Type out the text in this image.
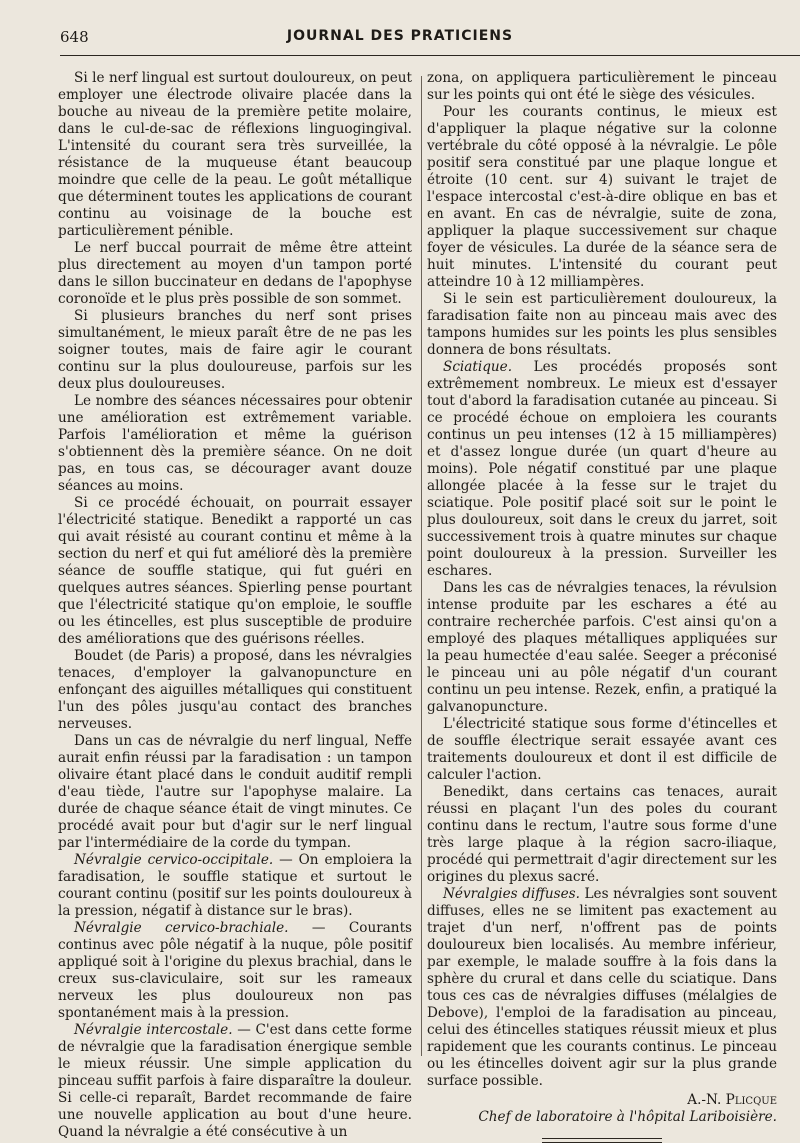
648	JOURNAL DES PRATICIENS

Si le nerf lingual est surtout douloureux, on peut employer une électrode olivaire placée dans la bouche au niveau de la première petite molaire, dans le cul-de-sac de réflexions linguogingival. L'intensité du courant sera très surveillée, la résistance de la muqueuse étant beaucoup moindre que celle de la peau. Le goût métallique que déterminent toutes les applications de courant continu au voisinage de la bouche est particulièrement pénible.

Le nerf buccal pourrait de même être atteint plus directement au moyen d'un tampon porté dans le sillon buccinateur en dedans de l'apophyse coronoïde et le plus près possible de son sommet.

Si plusieurs branches du nerf sont prises simultanément, le mieux paraît être de ne pas les soigner toutes, mais de faire agir le courant continu sur la plus douloureuse, parfois sur les deux plus douloureuses.

Le nombre des séances nécessaires pour obtenir une amélioration est extrêmement variable. Parfois l'amélioration et même la guérison s'obtiennent dès la première séance. On ne doit pas, en tous cas, se décourager avant douze séances au moins.

Si ce procédé échouait, on pourrait essayer l'électricité statique. Benedikt a rapporté un cas qui avait résisté au courant continu et même à la section du nerf et qui fut amélioré dès la première séance de souffle statique, qui fut guéri en quelques autres séances. Spierling pense pourtant que l'électricité statique qu'on emploie, le souffle ou les étincelles, est plus susceptible de produire des améliorations que des guérisons réelles.

Boudet (de Paris) a proposé, dans les névralgies tenaces, d'employer la galvanopuncture en enfonçant des aiguilles métalliques qui constituent l'un des pôles jusqu'au contact des branches nerveuses.

Dans un cas de névralgie du nerf lingual, Neffe aurait enfin réussi par la faradisation : un tampon olivaire étant placé dans le conduit auditif rempli d'eau tiède, l'autre sur l'apophyse malaire. La durée de chaque séance était de vingt minutes. Ce procédé avait pour but d'agir sur le nerf lingual par l'intermédiaire de la corde du tympan.

Névralgie cervico-occipitale. — On emploiera la faradisation, le souffle statique et surtout le courant continu (positif sur les points douloureux à la pression, négatif à distance sur le bras).

Névralgie cervico-brachiale. — Courants continus avec pôle négatif à la nuque, pôle positif appliqué soit à l'origine du plexus brachial, dans le creux sus-claviculaire, soit sur les rameaux nerveux les plus douloureux non pas spontanément mais à la pression.

Névralgie intercostale. — C'est dans cette forme de névralgie que la faradisation énergique semble le mieux réussir. Une simple application du pinceau suffit parfois à faire disparaître la douleur. Si celle-ci reparaît, Bardet recommande de faire une nouvelle application au bout d'une heure. Quand la névralgie a été consécutive à un

zona, on appliquera particulièrement le pinceau sur les points qui ont été le siège des vésicules.

Pour les courants continus, le mieux est d'appliquer la plaque négative sur la colonne vertébrale du côté opposé à la névralgie. Le pôle positif sera constitué par une plaque longue et étroite (10 cent. sur 4) suivant le trajet de l'espace intercostal c'est-à-dire oblique en bas et en avant. En cas de névralgie, suite de zona, appliquer la plaque successivement sur chaque foyer de vésicules. La durée de la séance sera de huit minutes. L'intensité du courant peut atteindre 10 à 12 milliampères.

Si le sein est particulièrement douloureux, la faradisation faite non au pinceau mais avec des tampons humides sur les points les plus sensibles donnera de bons résultats.

Sciatique. Les procédés proposés sont extrêmement nombreux. Le mieux est d'essayer tout d'abord la faradisation cutanée au pinceau. Si ce procédé échoue on emploiera les courants continus un peu intenses (12 à 15 milliampères) et d'assez longue durée (un quart d'heure au moins). Pole négatif constitué par une plaque allongée placée à la fesse sur le trajet du sciatique. Pole positif placé soit sur le point le plus douloureux, soit dans le creux du jarret, soit successivement trois à quatre minutes sur chaque point douloureux à la pression. Surveiller les eschares.

Dans les cas de névralgies tenaces, la révulsion intense produite par les eschares a été au contraire recherchée parfois. C'est ainsi qu'on a employé des plaques métalliques appliquées sur la peau humectée d'eau salée. Seeger a préconisé le pinceau uni au pôle négatif d'un courant continu un peu intense. Rezek, enfin, a pratiqué la galvanopuncture.

L'électricité statique sous forme d'étincelles et de souffle électrique serait essayée avant ces traitements douloureux et dont il est difficile de calculer l'action.

Benedikt, dans certains cas tenaces, aurait réussi en plaçant l'un des poles du courant continu dans le rectum, l'autre sous forme d'une très large plaque à la région sacro-iliaque, procédé qui permettrait d'agir directement sur les origines du plexus sacré.

Névralgies diffuses. Les névralgies sont souvent diffuses, elles ne se limitent pas exactement au trajet d'un nerf, n'offrent pas de points douloureux bien localisés. Au membre inférieur, par exemple, le malade souffre à la fois dans la sphère du crural et dans celle du sciatique. Dans tous ces cas de névralgies diffuses (mélalgies de Debove), l'emploi de la faradisation au pinceau, celui des étincelles statiques réussit mieux et plus rapidement que les courants continus. Le pinceau ou les étincelles doivent agir sur la plus grande surface possible.

A.-N. Plicque
Chef de laboratoire à l'hôpital Lariboisière.
